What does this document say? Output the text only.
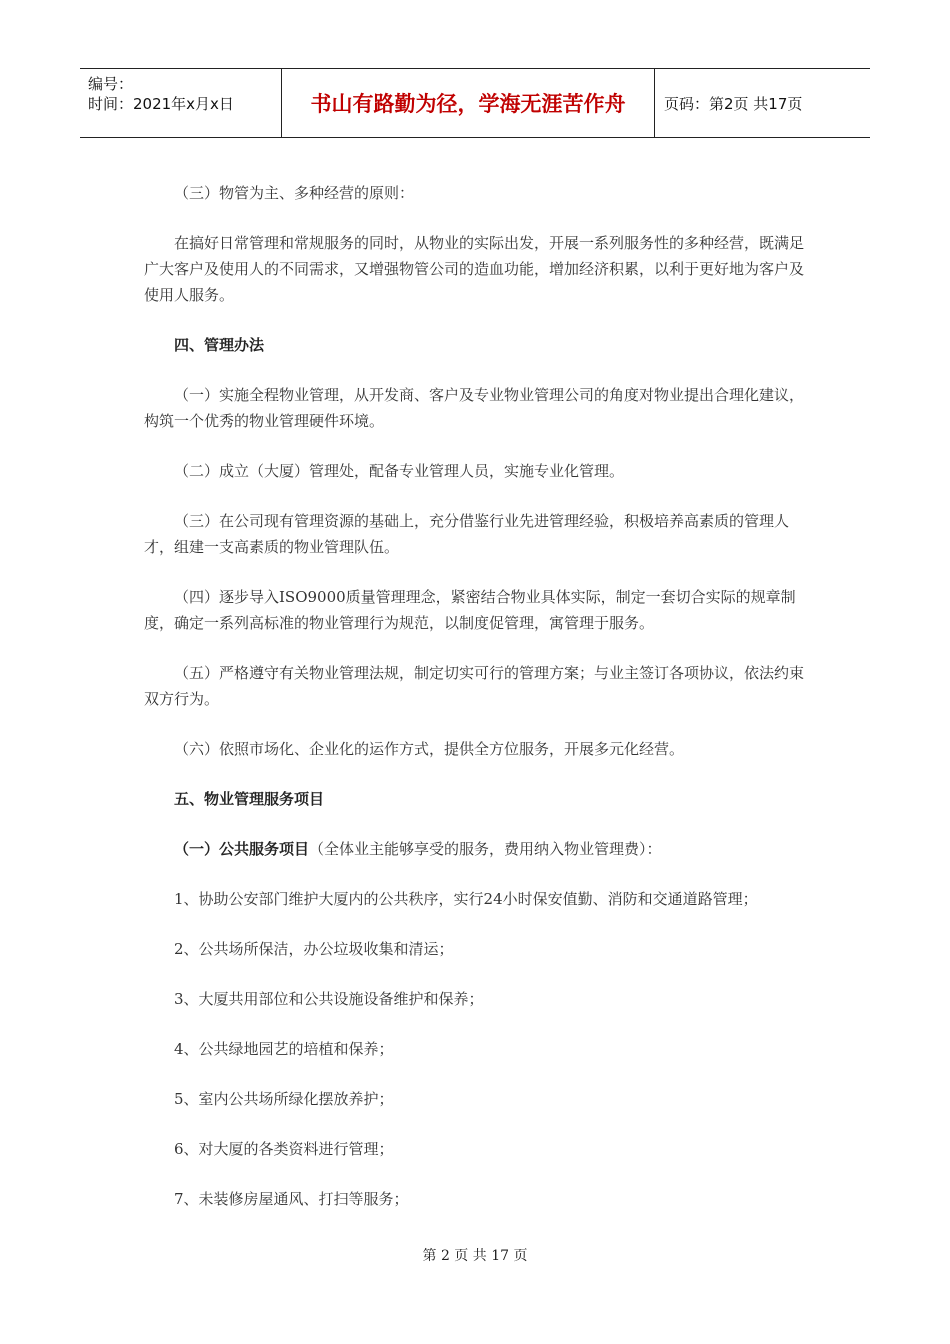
编号：
时间：2021年x月x日	书山有路勤为径，学海无涯苦作舟	页码：第2页 共17页

（三）物管为主、多种经营的原则：

在搞好日常管理和常规服务的同时，从物业的实际出发，开展一系列服务性的多种经营，既满足广大客户及使用人的不同需求，又增强物管公司的造血功能，增加经济积累，以利于更好地为客户及使用人服务。

四、管理办法

（一）实施全程物业管理，从开发商、客户及专业物业管理公司的角度对物业提出合理化建议，构筑一个优秀的物业管理硬件环境。

（二）成立（大厦）管理处，配备专业管理人员，实施专业化管理。

（三）在公司现有管理资源的基础上，充分借鉴行业先进管理经验，积极培养高素质的管理人才，组建一支高素质的物业管理队伍。

（四）逐步导入ISO9000质量管理理念，紧密结合物业具体实际，制定一套切合实际的规章制度，确定一系列高标准的物业管理行为规范，以制度促管理，寓管理于服务。

（五）严格遵守有关物业管理法规，制定切实可行的管理方案；与业主签订各项协议，依法约束双方行为。

（六）依照市场化、企业化的运作方式，提供全方位服务，开展多元化经营。

五、物业管理服务项目

（一）公共服务项目（全体业主能够享受的服务，费用纳入物业管理费）：

1、协助公安部门维护大厦内的公共秩序，实行24小时保安值勤、消防和交通道路管理；

2、公共场所保洁，办公垃圾收集和清运；

3、大厦共用部位和公共设施设备维护和保养；

4、公共绿地园艺的培植和保养；

5、室内公共场所绿化摆放养护；

6、对大厦的各类资料进行管理；

7、未装修房屋通风、打扫等服务；

第 2 页 共 17 页
